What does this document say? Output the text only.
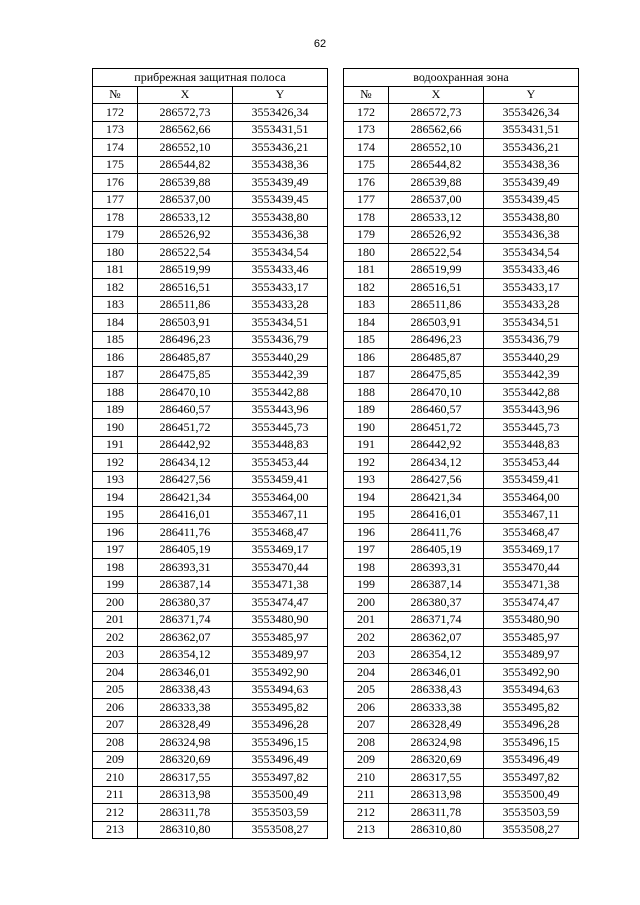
62
прибрежная защитная полоса		
№	X	Y
172	286572,73	3553426,34
173	286562,66	3553431,51
174	286552,10	3553436,21
175	286544,82	3553438,36
176	286539,88	3553439,49
177	286537,00	3553439,45
178	286533,12	3553438,80
179	286526,92	3553436,38
180	286522,54	3553434,54
181	286519,99	3553433,46
182	286516,51	3553433,17
183	286511,86	3553433,28
184	286503,91	3553434,51
185	286496,23	3553436,79
186	286485,87	3553440,29
187	286475,85	3553442,39
188	286470,10	3553442,88
189	286460,57	3553443,96
190	286451,72	3553445,73
191	286442,92	3553448,83
192	286434,12	3553453,44
193	286427,56	3553459,41
194	286421,34	3553464,00
195	286416,01	3553467,11
196	286411,76	3553468,47
197	286405,19	3553469,17
198	286393,31	3553470,44
199	286387,14	3553471,38
200	286380,37	3553474,47
201	286371,74	3553480,90
202	286362,07	3553485,97
203	286354,12	3553489,97
204	286346,01	3553492,90
205	286338,43	3553494,63
206	286333,38	3553495,82
207	286328,49	3553496,28
208	286324,98	3553496,15
209	286320,69	3553496,49
210	286317,55	3553497,82
211	286313,98	3553500,49
212	286311,78	3553503,59
213	286310,80	3553508,27
водоохранная зона		
№	X	Y
172	286572,73	3553426,34
173	286562,66	3553431,51
174	286552,10	3553436,21
175	286544,82	3553438,36
176	286539,88	3553439,49
177	286537,00	3553439,45
178	286533,12	3553438,80
179	286526,92	3553436,38
180	286522,54	3553434,54
181	286519,99	3553433,46
182	286516,51	3553433,17
183	286511,86	3553433,28
184	286503,91	3553434,51
185	286496,23	3553436,79
186	286485,87	3553440,29
187	286475,85	3553442,39
188	286470,10	3553442,88
189	286460,57	3553443,96
190	286451,72	3553445,73
191	286442,92	3553448,83
192	286434,12	3553453,44
193	286427,56	3553459,41
194	286421,34	3553464,00
195	286416,01	3553467,11
196	286411,76	3553468,47
197	286405,19	3553469,17
198	286393,31	3553470,44
199	286387,14	3553471,38
200	286380,37	3553474,47
201	286371,74	3553480,90
202	286362,07	3553485,97
203	286354,12	3553489,97
204	286346,01	3553492,90
205	286338,43	3553494,63
206	286333,38	3553495,82
207	286328,49	3553496,28
208	286324,98	3553496,15
209	286320,69	3553496,49
210	286317,55	3553497,82
211	286313,98	3553500,49
212	286311,78	3553503,59
213	286310,80	3553508,27
